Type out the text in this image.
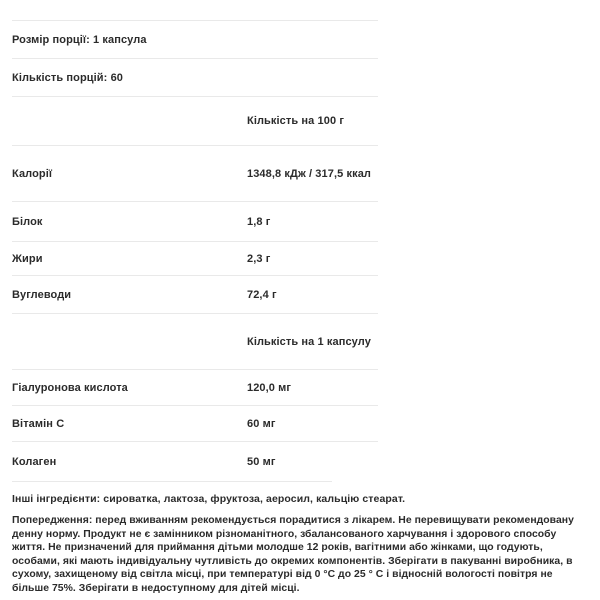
Розмір порції: 1 капсула
Кількість порцій: 60
Кількість на 100 г
Калорії	1348,8 кДж / 317,5 ккал
Білок	1,8 г
Жири	2,3 г
Вуглеводи	72,4 г
Кількість на 1 капсулу
Гіалуронова кислота	120,0 мг
Вітамін С	60 мг
Колаген	50 мг

Інші інгредієнти: сироватка, лактоза, фруктоза, аеросил, кальцію стеарат.

Попередження: перед вживанням рекомендується порадитися з лікарем. Не перевищувати рекомендовану денну норму. Продукт не є замінником різноманітного, збалансованого харчування і здорового способу життя. Не призначений для приймання дітьми молодше 12 років, вагітними або жінками, що годують, особами, які мають індивідуальну чутливість до окремих компонентів. Зберігати в пакуванні виробника, в сухому, захищеному від світла місці, при температурі від 0 °С до 25 ° С і відносній вологості повітря не більше 75%. Зберігати в недоступному для дітей місці.
